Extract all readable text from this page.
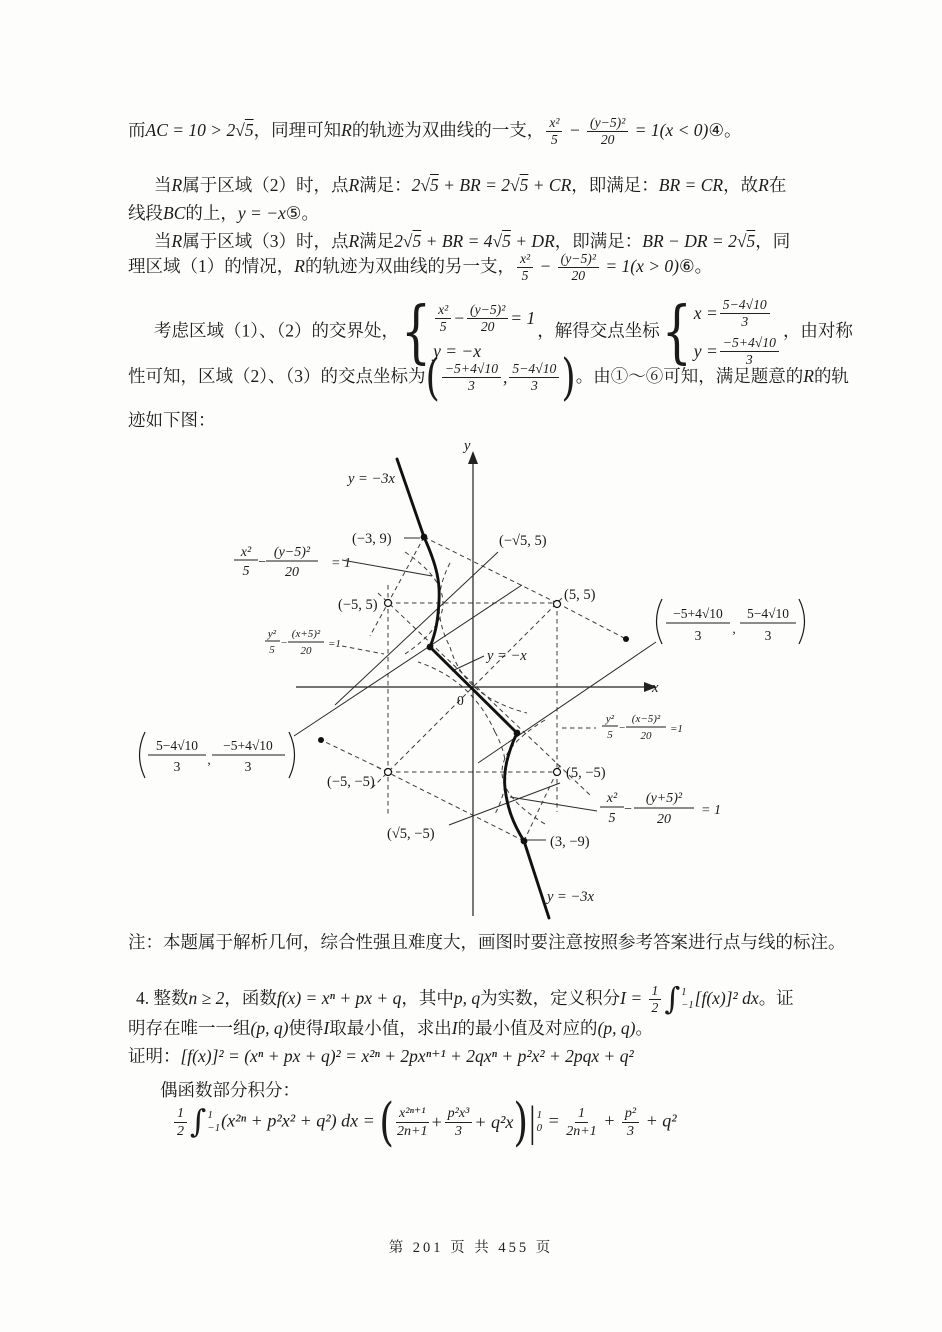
y
x
0
y = −3x
y = −x
y = −3x
(−3, 9)	(−√5, 5)
(−5, 5)
(5, 5)
(−5, −5)
(5, −5)
(√5, −5)	(3, −9)
x²
5
−
(y−5)²
20
= 1
y²
5
−
(x+5)²
20
=1
y²
5
−
(x−5)²
20
=1
x²
5
−
(y+5)²
20
= 1
−5+4√10
3 ,
5−4√10
3
5−4√10
3 ,
−5+4√10
3
而AC = 10 > 2√5，同理可知R的轨迹为双曲线的一支， $\frac{\text{x²}}{5} - \frac{\text{(y−5)²}}{20} = 1(x$ < 0)④。
当R属于区域（2）时，点R满足：2√5 + BR = 2√5 + CR，即满足：BR = CR，故R在
线段BC的上，y = −x⑤。
当R属于区域（3）时，点R满足2√5 + BR = 4√5 + DR，即满足：BR − DR = 2√5，同
理区域（1）的情况，R的轨迹为双曲线的另一支， $\frac{\text{x²}}{5} - \frac{\text{(y−5)²}}{20} = 1(x$ > 0)⑥。
考虑区域（1）、（2）的交界处， { x²
$5 - \frac{\text{(y−5)²}}{20} = 1$
y = −x
，解得交点坐标 { $x = \frac{5-4√10}{3}$
$y = \frac{-5+4√10}{3}$
，由对称
性可知，区域（2）、（3）的交点坐标为 ( −5+4√10
3 , 5−4√10
3 ) 。由①～⑥可知，满足题意的R的轨
迹如下图：
注：本题属于解析几何，综合性强且难度大，画图时要注意按照参考答案进行点与线的标注。
4. 整数n ≥ 2，函数f(x) = xⁿ + px + q，其中p, q为实数，定义积分$I = \frac{1}{2}$ ∫ 1
−1 [f(x)]² dx。证
明存在唯一一组(p, q)使得I取最小值，求出I的最小值及对应的(p, q)。
证明：[f(x)]² = (xⁿ + px + q)² = x²ⁿ + 2pxⁿ⁺¹ + 2qxⁿ + p²x² + 2pqx + q²
偶函数部分积分：
$\frac{1}{2}$ ∫ 1
−1 (x²ⁿ + p²x² + q²) dx = ( x²ⁿ⁺¹
$2n+1 + \frac{\text{p²x³}}{3} + q^2x$ ) | 1
$0 = \frac{1}{2n+1} + \frac{\text{p²}}{3} + q^2$
第 201 页 共 455 页
